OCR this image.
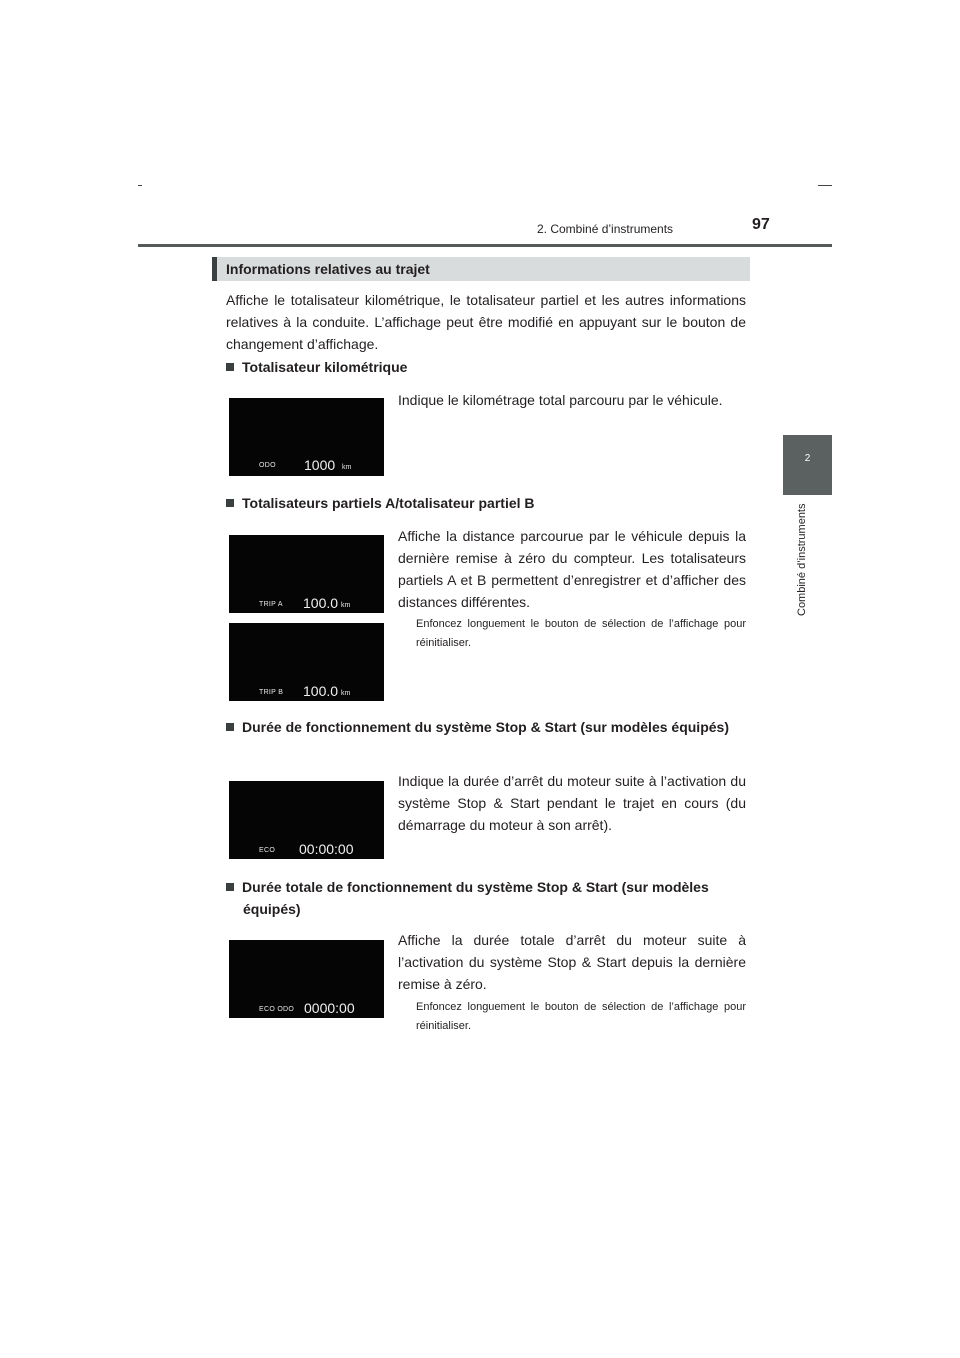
2. Combiné d’instruments	97
2
Combiné d’instruments
Informations relatives au trajet
Affiche le totalisateur kilométrique, le totalisateur partiel et les autres informations relatives à la conduite. L’affichage peut être modifié en appuyant sur le bouton de changement d’affichage.
Totalisateur kilométrique
ODO 1000 km
Indique le kilométrage total parcouru par le véhicule.
Totalisateurs partiels A/totalisateur partiel B
TRIP A 100.0 km
TRIP B 100.0 km
Affiche la distance parcourue par le véhicule depuis la dernière remise à zéro du compteur. Les totalisateurs partiels A et B permettent d’enregistrer et d’afficher des distances différentes.
Enfoncez longuement le bouton de sélection de l’affichage pour réinitialiser.
Durée de fonctionnement du système Stop & Start (sur modèles équipés)
ECO 00:00:00
Indique la durée d’arrêt du moteur suite à l’activation du système Stop & Start pendant le trajet en cours (du démarrage du moteur à son arrêt).
Durée totale de fonctionnement du système Stop & Start (sur modèles équipés)
ECO ODO 0000:00
Affiche la durée totale d’arrêt du moteur suite à l’activation du système Stop & Start depuis la dernière remise à zéro.
Enfoncez longuement le bouton de sélection de l’affichage pour réinitialiser.
